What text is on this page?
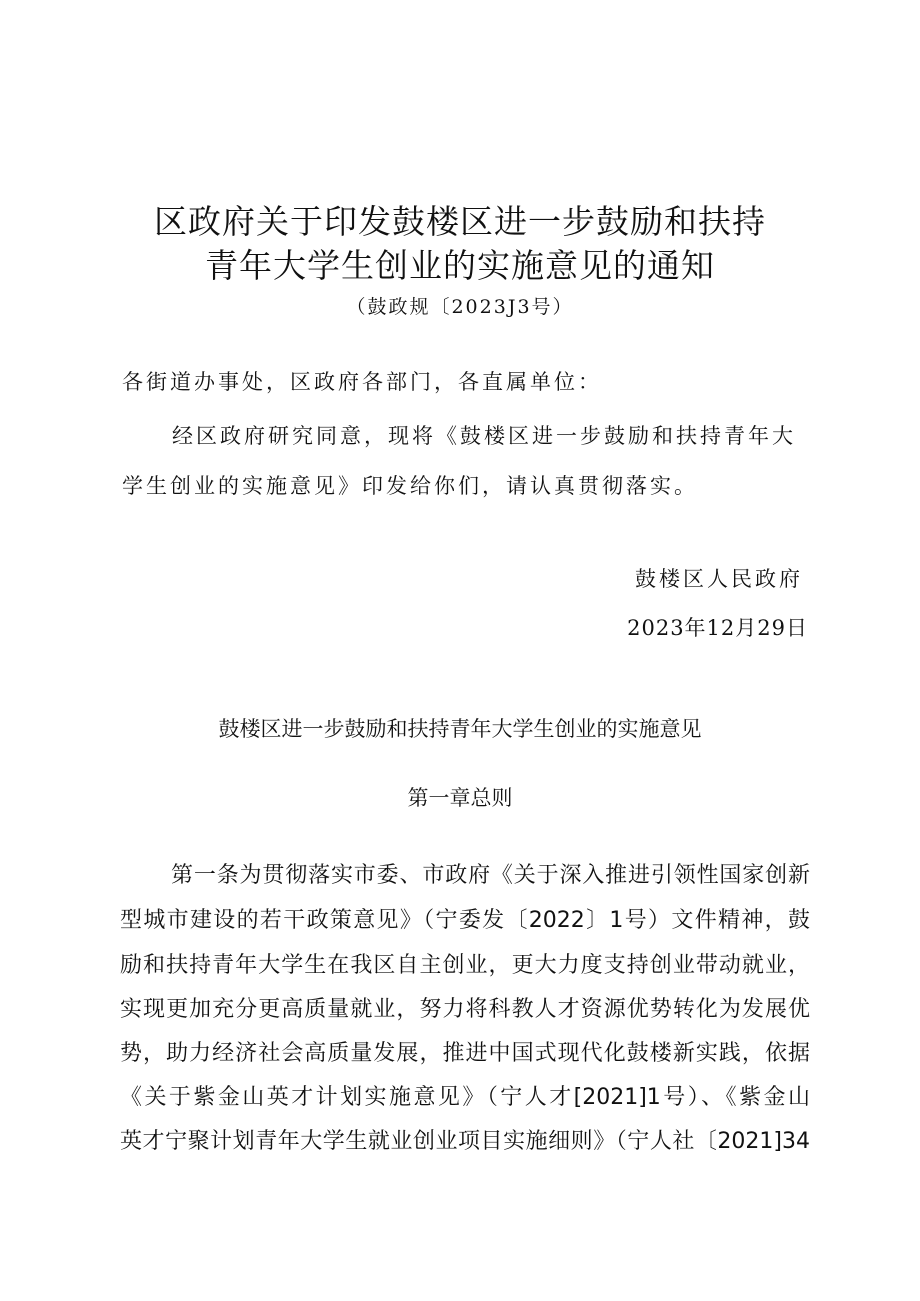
区政府关于印发鼓楼区进一步鼓励和扶持
青年大学生创业的实施意见的通知
（鼓政规〔2023J3号）
各街道办事处，区政府各部门，各直属单位：
经区政府研究同意，现将《鼓楼区进一步鼓励和扶持青年大
学生创业的实施意见》印发给你们，请认真贯彻落实。
鼓楼区人民政府
2023年12月29日
鼓楼区进一步鼓励和扶持青年大学生创业的实施意见
第一章总则
第一条为贯彻落实市委、市政府《关于深入推进引领性国家创新
型城市建设的若干政策意见》（宁委发〔2022〕1号）文件精神，鼓
励和扶持青年大学生在我区自主创业，更大力度支持创业带动就业，
实现更加充分更高质量就业，努力将科教人才资源优势转化为发展优
势，助力经济社会高质量发展，推进中国式现代化鼓楼新实践，依据
《关于紫金山英才计划实施意见》（宁人才[2021]1号）、《紫金山
英才宁聚计划青年大学生就业创业项目实施细则》（宁人社〔2021]34
